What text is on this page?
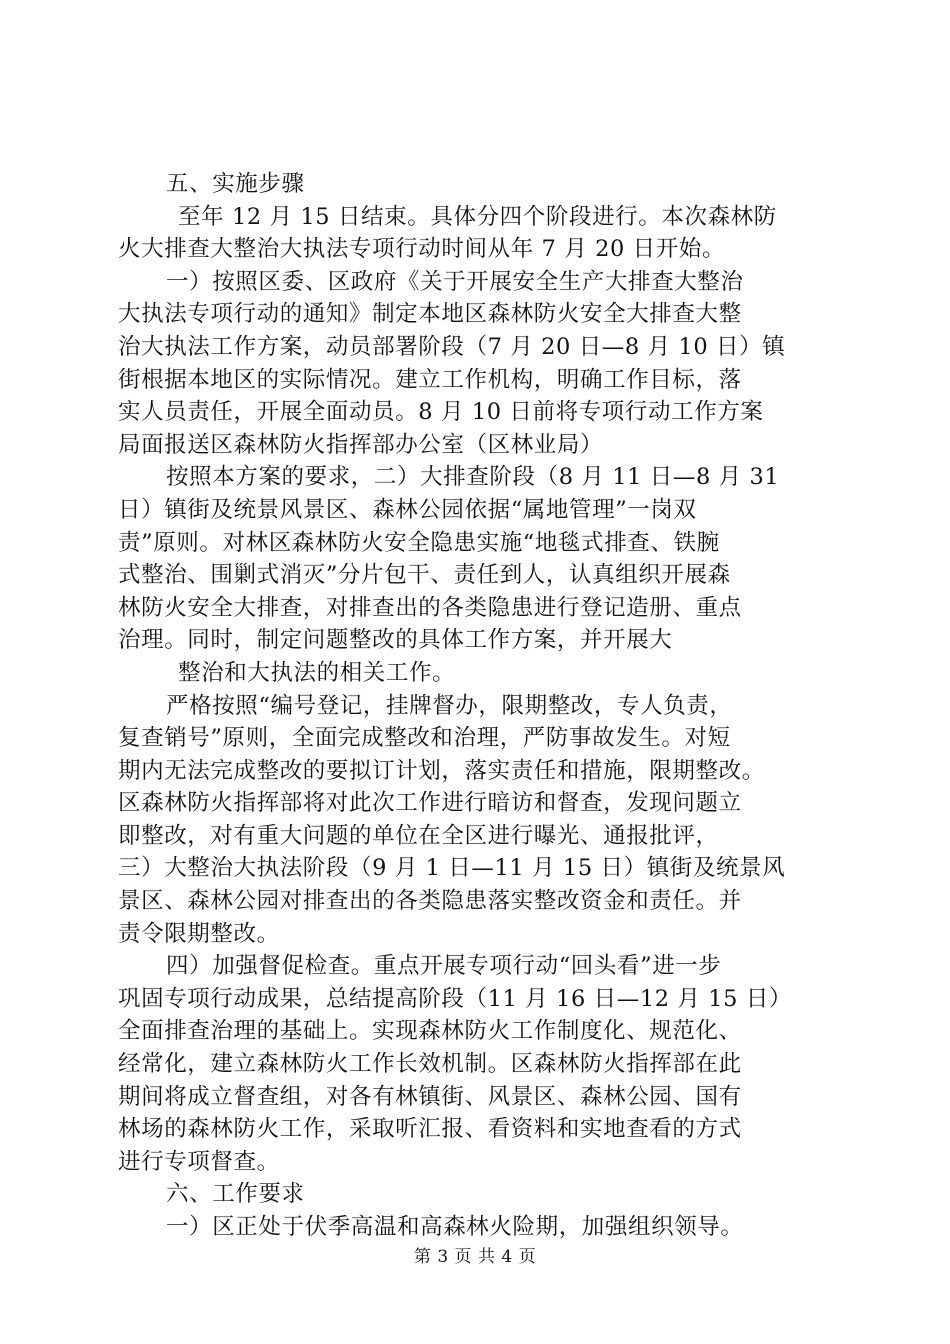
五、实施步骤
至年 12 月 15 日结束。具体分四个阶段进行。本次森林防
火大排查大整治大执法专项行动时间从年 7 月 20 日开始。
一）按照区委、区政府《关于开展安全生产大排查大整治
大执法专项行动的通知》制定本地区森林防火安全大排查大整
治大执法工作方案，动员部署阶段（7 月 20 日—8 月 10 日）镇
街根据本地区的实际情况。建立工作机构，明确工作目标，落
实人员责任，开展全面动员。8 月 10 日前将专项行动工作方案
局面报送区森林防火指挥部办公室（区林业局）
按照本方案的要求，二）大排查阶段（8 月 11 日—8 月 31
日）镇街及统景风景区、森林公园依据“属地管理”一岗双
责”原则。对林区森林防火安全隐患实施“地毯式排查、铁腕
式整治、围剿式消灭”分片包干、责任到人，认真组织开展森
林防火安全大排查，对排查出的各类隐患进行登记造册、重点
治理。同时，制定问题整改的具体工作方案，并开展大
整治和大执法的相关工作。
严格按照“编号登记，挂牌督办，限期整改，专人负责，
复查销号”原则，全面完成整改和治理，严防事故发生。对短
期内无法完成整改的要拟订计划，落实责任和措施，限期整改。
区森林防火指挥部将对此次工作进行暗访和督查，发现问题立
即整改，对有重大问题的单位在全区进行曝光、通报批评，
三）大整治大执法阶段（9 月 1 日—11 月 15 日）镇街及统景风
景区、森林公园对排查出的各类隐患落实整改资金和责任。并
责令限期整改。
四）加强督促检查。重点开展专项行动“回头看”进一步
巩固专项行动成果，总结提高阶段（11 月 16 日—12 月 15 日）
全面排查治理的基础上。实现森林防火工作制度化、规范化、
经常化，建立森林防火工作长效机制。区森林防火指挥部在此
期间将成立督查组，对各有林镇街、风景区、森林公园、国有
林场的森林防火工作，采取听汇报、看资料和实地查看的方式
进行专项督查。
六、工作要求
一）区正处于伏季高温和高森林火险期，加强组织领导。
第 3 页 共 4 页
